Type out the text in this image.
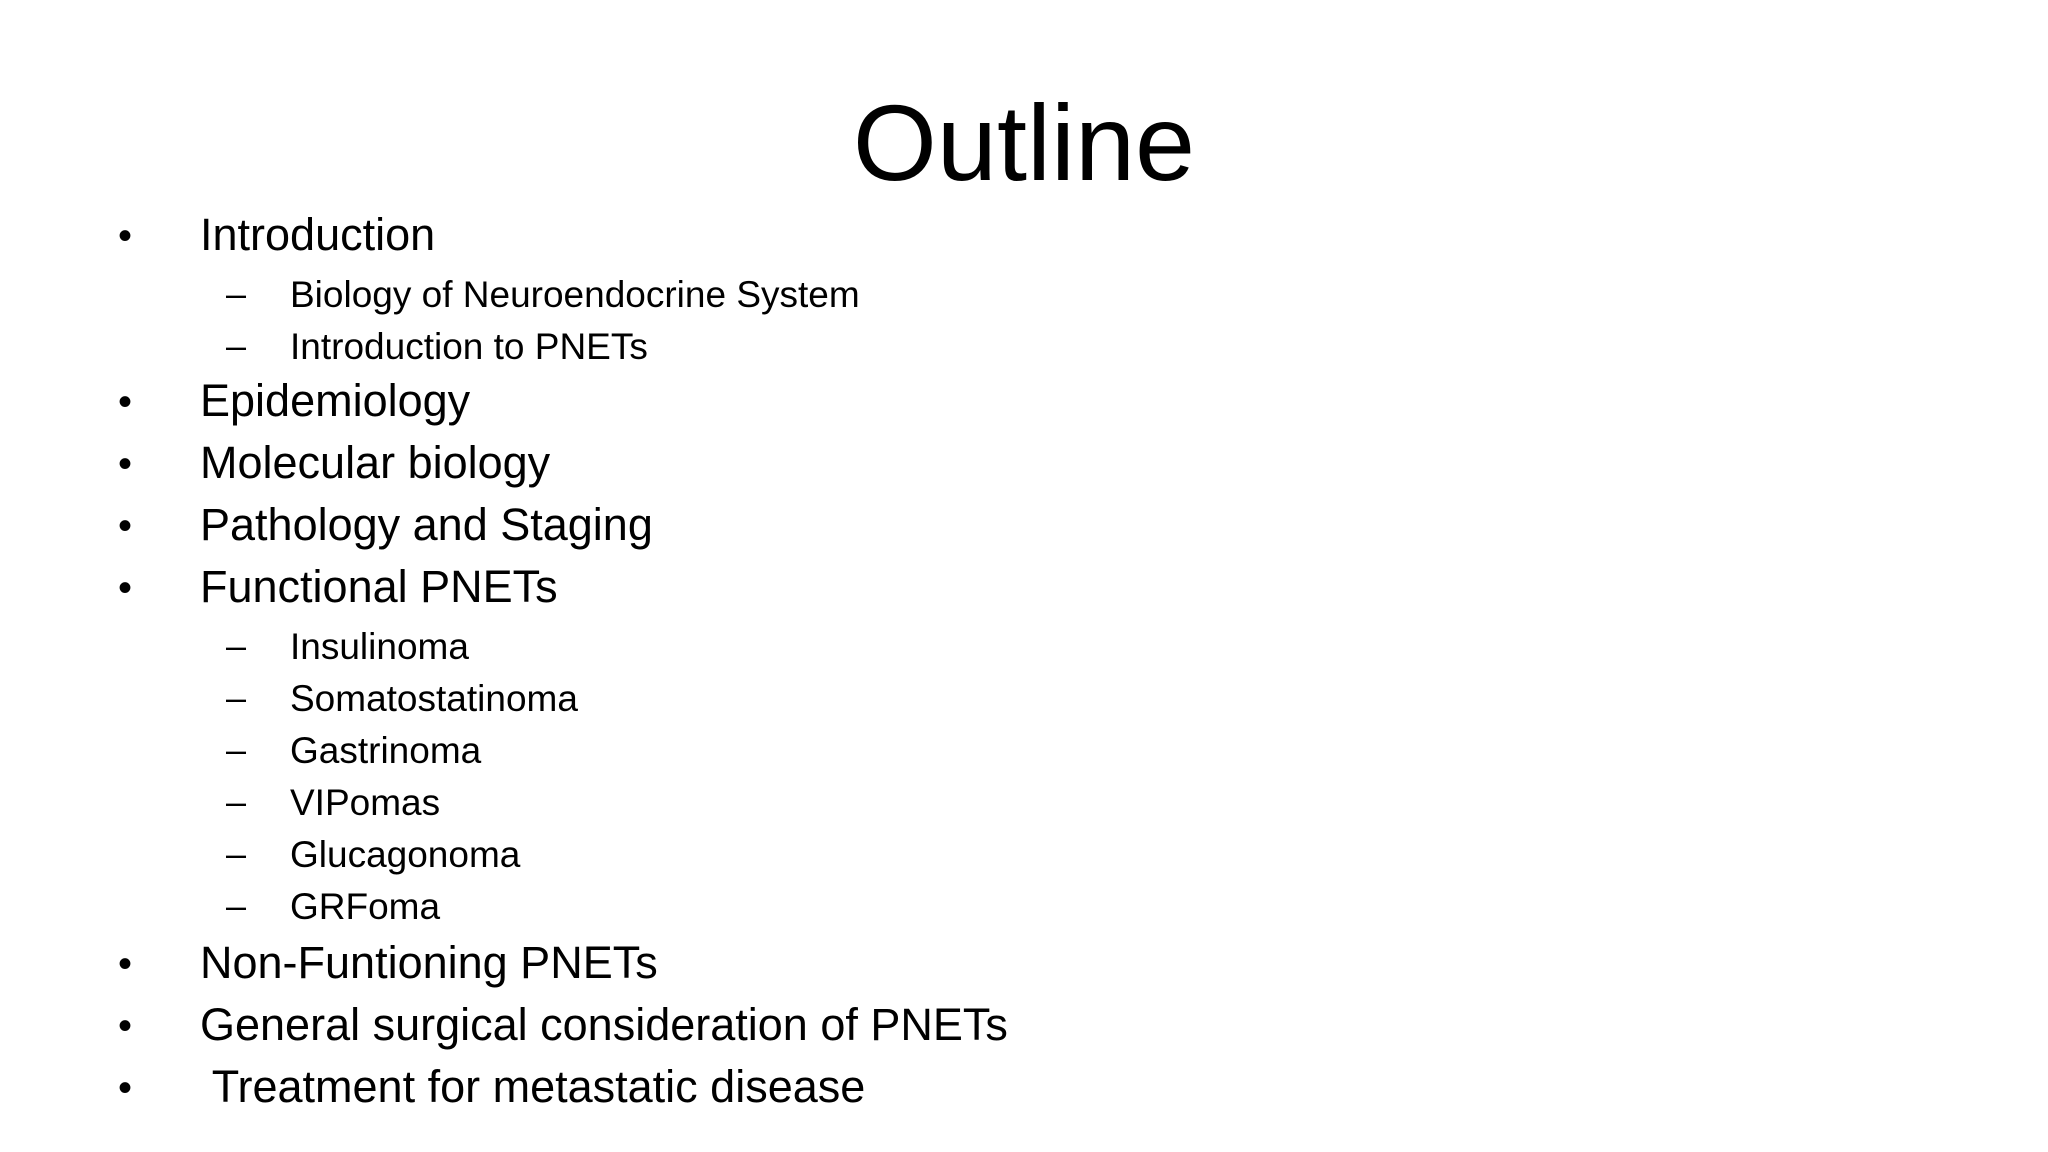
Outline
• Introduction
– Biology of Neuroendocrine System
– Introduction to PNETs
• Epidemiology
• Molecular biology
• Pathology and Staging
• Functional PNETs
– Insulinoma
– Somatostatinoma
– Gastrinoma
– VIPomas
– Glucagonoma
– GRFoma
• Non-Funtioning PNETs
• General surgical consideration of PNETs
• Treatment for metastatic disease
